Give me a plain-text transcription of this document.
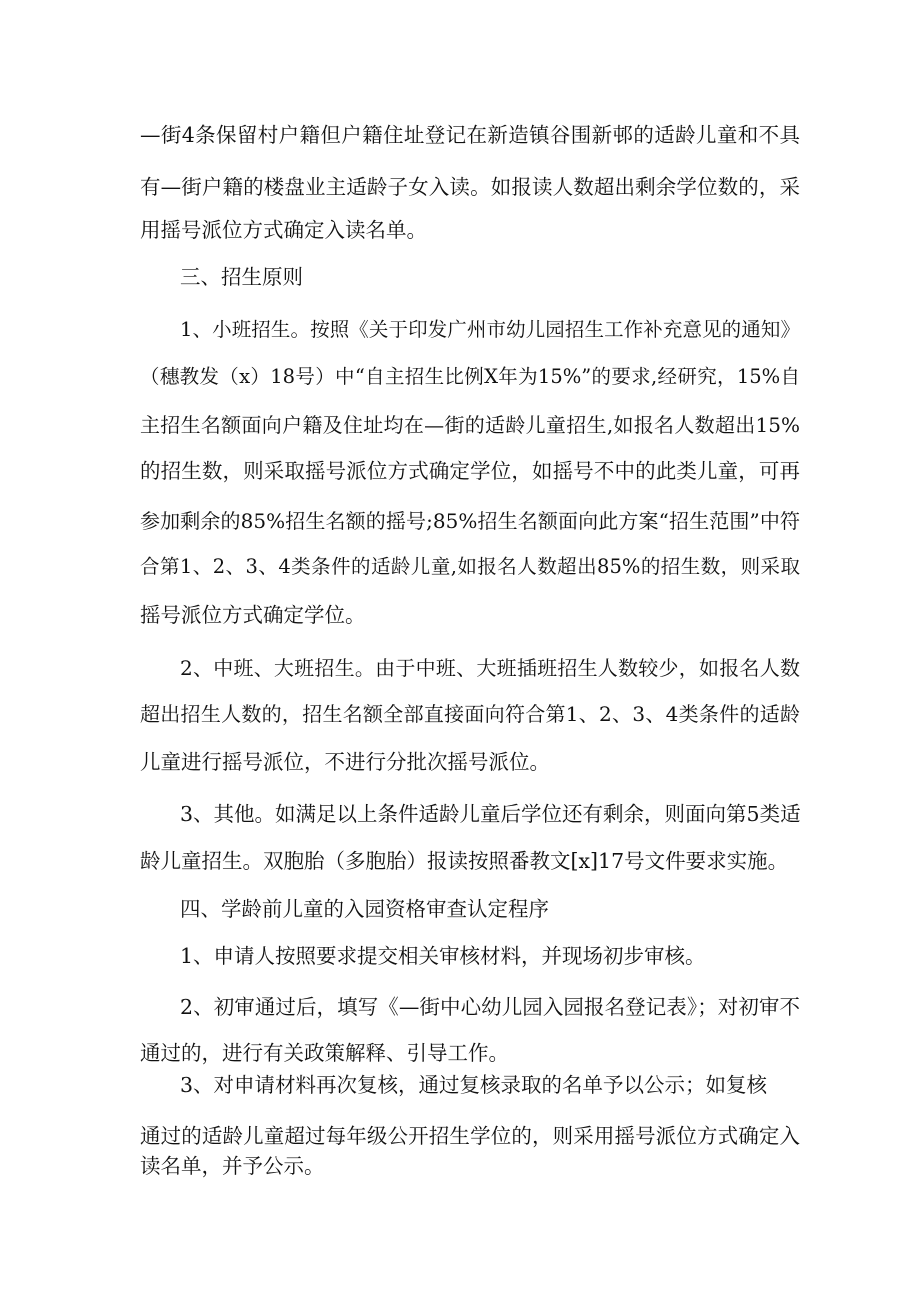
—街4条保留村户籍但户籍住址登记在新造镇谷围新邨的适龄儿童和不具
有—街户籍的楼盘业主适龄子女入读。如报读人数超出剩余学位数的，采
用摇号派位方式确定入读名单。
三、招生原则
1、小班招生。按照《关于印发广州市幼儿园招生工作补充意见的通知》
（穗教发（x）18号）中“自主招生比例X年为15%”的要求,经研究，15%自
主招生名额面向户籍及住址均在—街的适龄儿童招生,如报名人数超出15%
的招生数，则采取摇号派位方式确定学位，如摇号不中的此类儿童，可再
参加剩余的85%招生名额的摇号;85%招生名额面向此方案“招生范围”中符
合第1、2、3、4类条件的适龄儿童,如报名人数超出85%的招生数，则采取
摇号派位方式确定学位。
2、中班、大班招生。由于中班、大班插班招生人数较少，如报名人数
超出招生人数的，招生名额全部直接面向符合第1、2、3、4类条件的适龄
儿童进行摇号派位，不进行分批次摇号派位。
3、其他。如满足以上条件适龄儿童后学位还有剩余，则面向第5类适
龄儿童招生。双胞胎（多胞胎）报读按照番教文[x]17号文件要求实施。
四、学龄前儿童的入园资格审查认定程序
1、申请人按照要求提交相关审核材料，并现场初步审核。
2、初审通过后，填写《—街中心幼儿园入园报名登记表》；对初审不
通过的，进行有关政策解释、引导工作。
3、对申请材料再次复核，通过复核录取的名单予以公示；如复核
通过的适龄儿童超过每年级公开招生学位的，则采用摇号派位方式确定入
读名单，并予公示。
